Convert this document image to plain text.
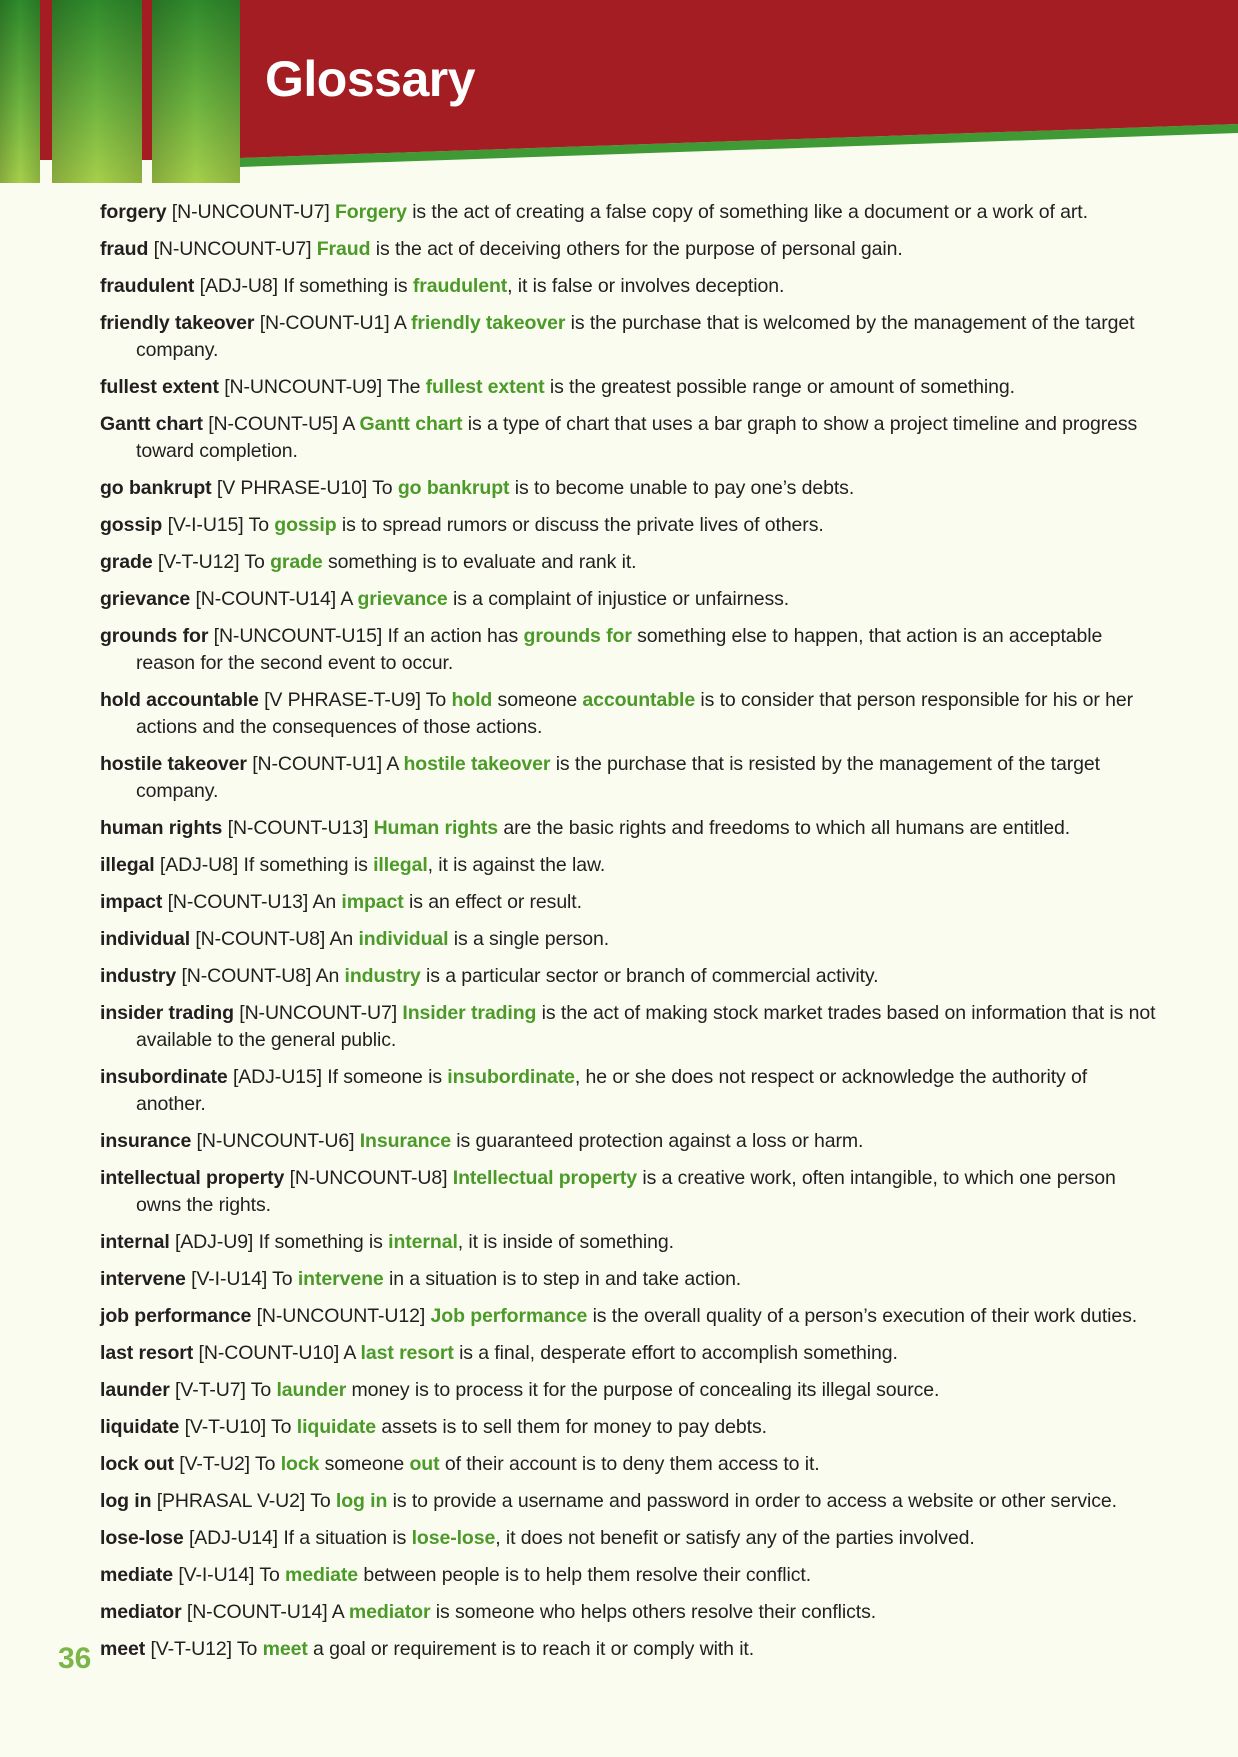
Glossary
forgery [N-UNCOUNT-U7] Forgery is the act of creating a false copy of something like a document or a work of art.
fraud [N-UNCOUNT-U7] Fraud is the act of deceiving others for the purpose of personal gain.
fraudulent [ADJ-U8] If something is fraudulent, it is false or involves deception.
friendly takeover [N-COUNT-U1] A friendly takeover is the purchase that is welcomed by the management of the target company.
fullest extent [N-UNCOUNT-U9] The fullest extent is the greatest possible range or amount of something.
Gantt chart [N-COUNT-U5] A Gantt chart is a type of chart that uses a bar graph to show a project timeline and progress toward completion.
go bankrupt [V PHRASE-U10] To go bankrupt is to become unable to pay one’s debts.
gossip [V-I-U15] To gossip is to spread rumors or discuss the private lives of others.
grade [V-T-U12] To grade something is to evaluate and rank it.
grievance [N-COUNT-U14] A grievance is a complaint of injustice or unfairness.
grounds for [N-UNCOUNT-U15] If an action has grounds for something else to happen, that action is an acceptable reason for the second event to occur.
hold accountable [V PHRASE-T-U9] To hold someone accountable is to consider that person responsible for his or her actions and the consequences of those actions.
hostile takeover [N-COUNT-U1] A hostile takeover is the purchase that is resisted by the management of the target company.
human rights [N-COUNT-U13] Human rights are the basic rights and freedoms to which all humans are entitled.
illegal [ADJ-U8] If something is illegal, it is against the law.
impact [N-COUNT-U13] An impact is an effect or result.
individual [N-COUNT-U8] An individual is a single person.
industry [N-COUNT-U8] An industry is a particular sector or branch of commercial activity.
insider trading [N-UNCOUNT-U7] Insider trading is the act of making stock market trades based on information that is not available to the general public.
insubordinate [ADJ-U15] If someone is insubordinate, he or she does not respect or acknowledge the authority of another.
insurance [N-UNCOUNT-U6] Insurance is guaranteed protection against a loss or harm.
intellectual property [N-UNCOUNT-U8] Intellectual property is a creative work, often intangible, to which one person owns the rights.
internal [ADJ-U9] If something is internal, it is inside of something.
intervene [V-I-U14] To intervene in a situation is to step in and take action.
job performance [N-UNCOUNT-U12] Job performance is the overall quality of a person’s execution of their work duties.
last resort [N-COUNT-U10] A last resort is a final, desperate effort to accomplish something.
launder [V-T-U7] To launder money is to process it for the purpose of concealing its illegal source.
liquidate [V-T-U10] To liquidate assets is to sell them for money to pay debts.
lock out [V-T-U2] To lock someone out of their account is to deny them access to it.
log in [PHRASAL V-U2] To log in is to provide a username and password in order to access a website or other service.
lose-lose [ADJ-U14] If a situation is lose-lose, it does not benefit or satisfy any of the parties involved.
mediate [V-I-U14] To mediate between people is to help them resolve their conflict.
mediator [N-COUNT-U14] A mediator is someone who helps others resolve their conflicts.
meet [V-T-U12] To meet a goal or requirement is to reach it or comply with it.
36
